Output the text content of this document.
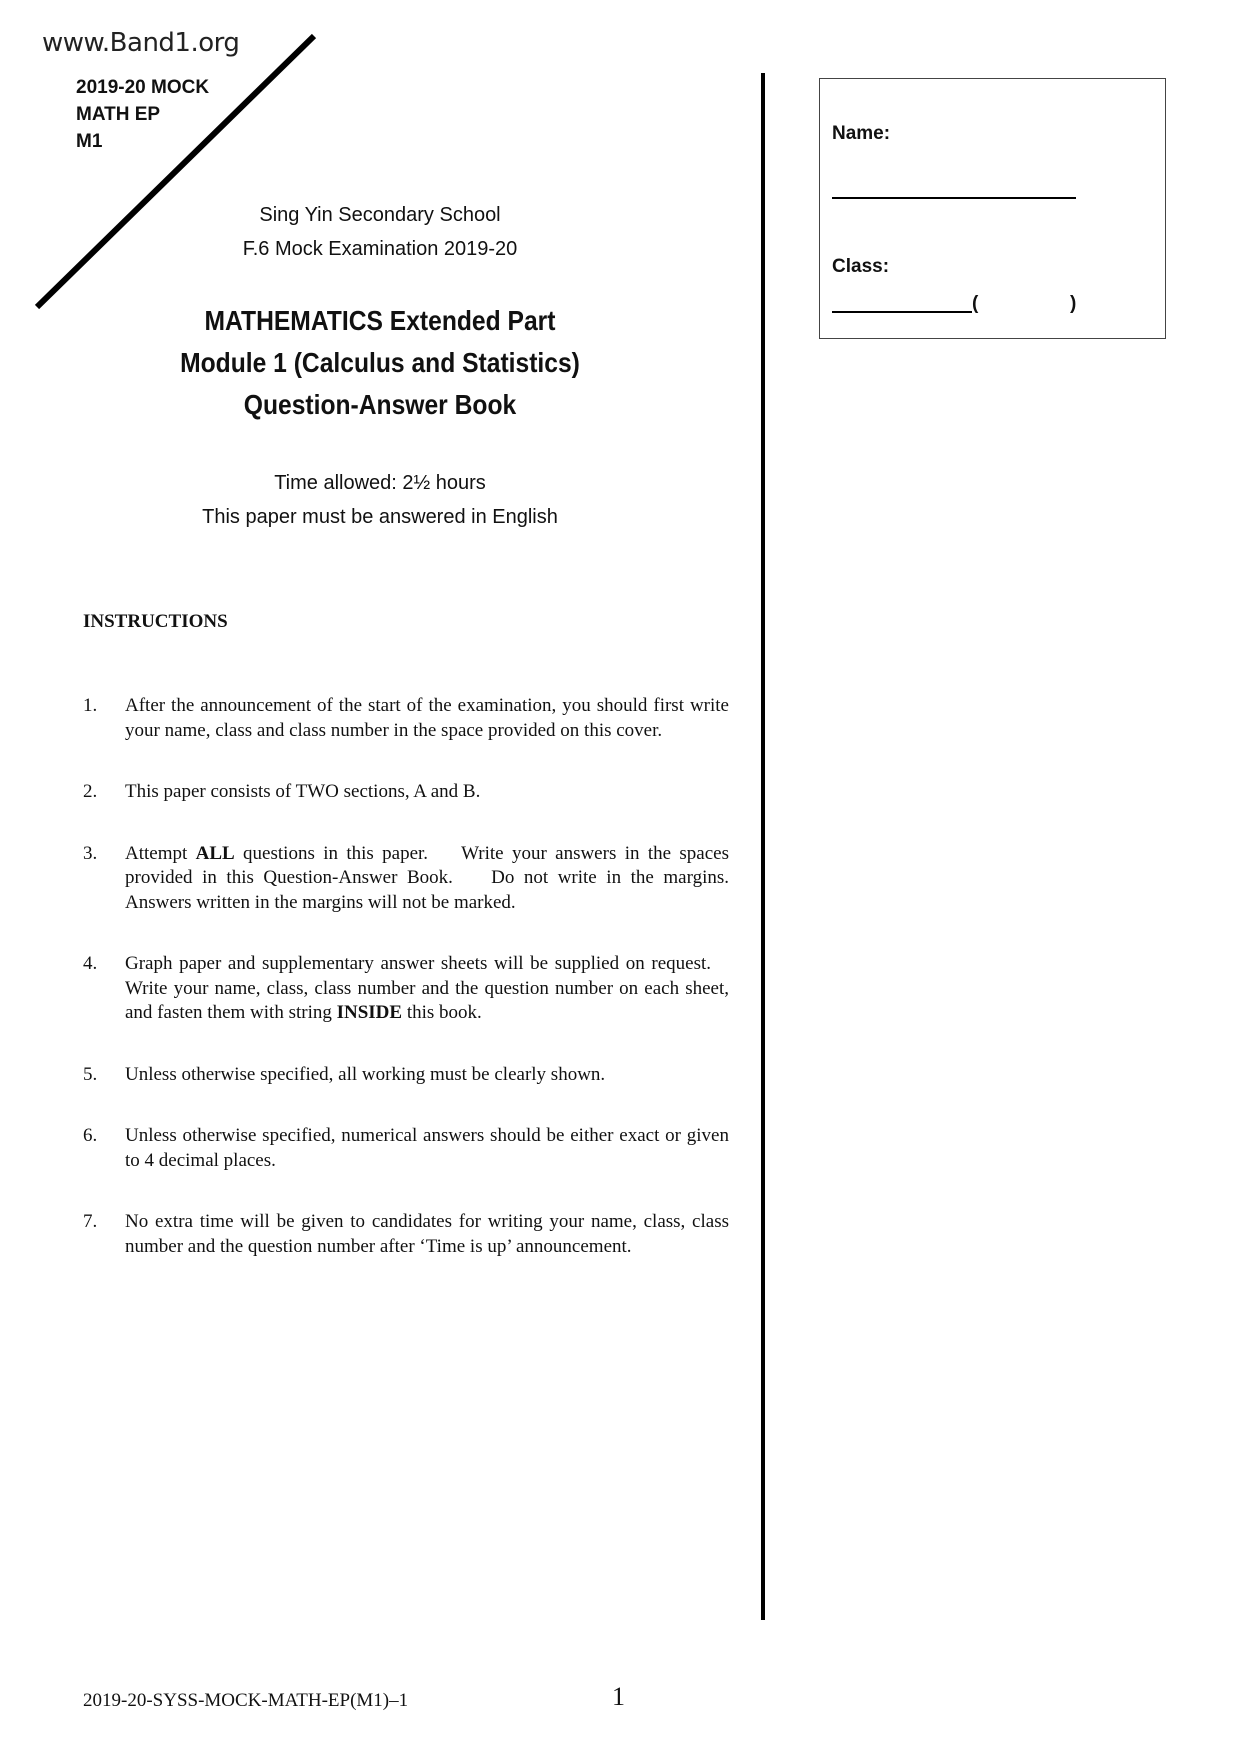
www.Band1.org
2019-20 MOCK
MATH EP
M1	Name:
Class:
(	)
Sing Yin Secondary School
F.6 Mock Examination 2019-20
MATHEMATICS Extended Part
Module 1 (Calculus and Statistics)
Question-Answer Book
Time allowed: 2½ hours
This paper must be answered in English
INSTRUCTIONS
1.	After the announcement of the start of the examination, you should first write your name, class and class number in the space provided on this cover.
2.	This paper consists of TWO sections, A and B.
3.	Attempt ALL questions in this paper.    Write your answers in the spaces provided in this Question-Answer Book.    Do not write in the margins. Answers written in the margins will not be marked.
4.	Graph paper and supplementary answer sheets will be supplied on request.    Write your name, class, class number and the question number on each sheet, and fasten them with string INSIDE this book.
5.	Unless otherwise specified, all working must be clearly shown.
6.	Unless otherwise specified, numerical answers should be either exact or given to 4 decimal places.
7.	No extra time will be given to candidates for writing your name, class, class number and the question number after ‘Time is up’ announcement.
2019-20-SYSS-MOCK-MATH-EP(M1)–1	1
